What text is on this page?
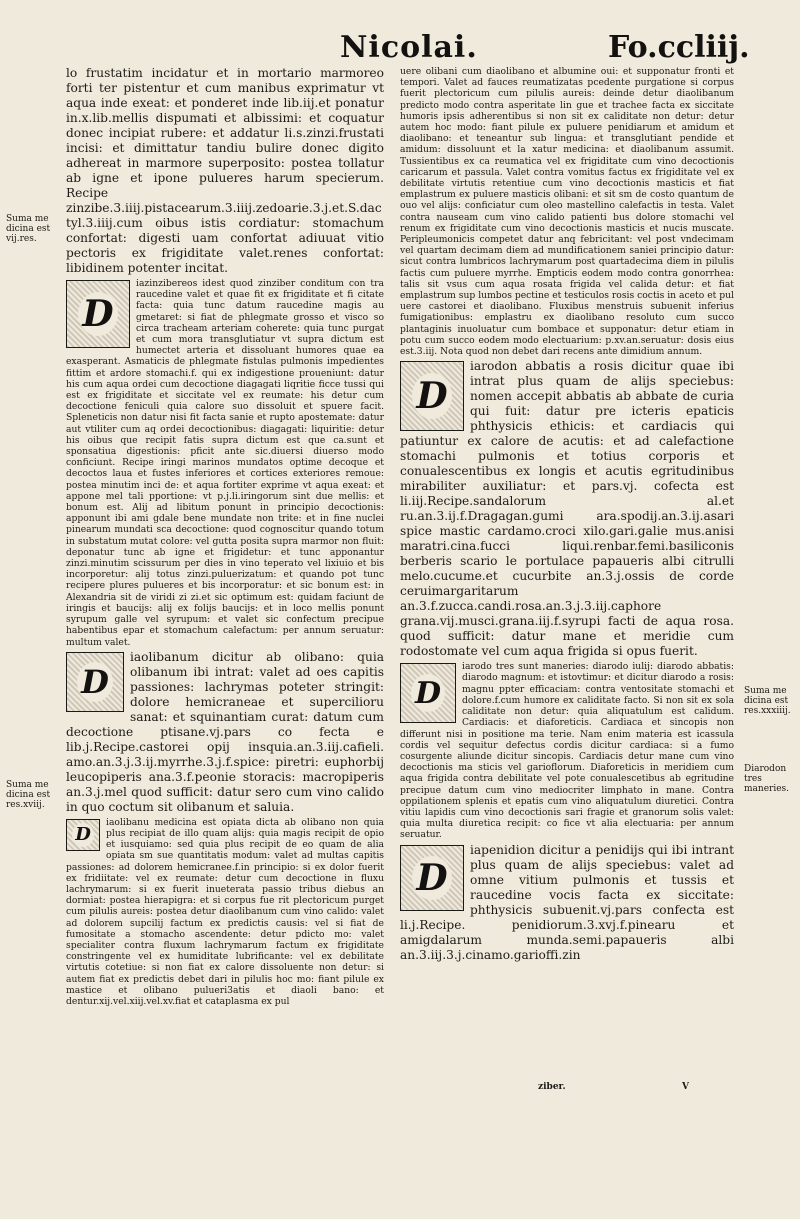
Nicolai.	Fo.ccliij.

lo frustatim incidatur et in mortario marmoreo forti ter pistentur et cum manibus exprimatur vt aqua inde exeat: et ponderet inde lib.iij.et ponatur in.x.lib.mellis dispumati et albissimi: et coquatur donec incipiat rubere: et addatur li.s.zinzi.frustati incisi: et dimittatur tandiu bulire donec digito adhereat in marmore superposito: postea tollatur ab igne et ipone pulueres harum specierum. Recipe zinzibe.3.iiij.pistacearum.3.iiij.zedoarie.3.j.et.S.dactyl.3.iiij.cum oibus istis cordiatur: stomachum confortat: digesti uam confortat adiuuat vitio pectoris ex frigiditate valet.renes confortat: libidinem potenter incitat.

D

iazinzibereos idest quod zinziber conditum con tra raucedine valet et quae fit ex frigiditate et fi citate facta: quia tunc datum raucedine magis au gmetaret: si fiat de phlegmate grosso et visco so circa tracheam arteriam coherete: quia tunc purgat et cum mora transglutiatur vt supra dictum est humectet arteria et dissoluant humores quae ea exasperant. Asmaticis de phlegmate fistulas pulmonis impedientes fittim et ardore stomachi.f. qui ex indigestione proueniunt: datur his cum aqua ordei cum decoctione diagagati liqritie ficce tussi qui est ex frigiditate et siccitate vel ex reumate: his detur cum decoctione feniculi quia calore suo dissoluit et spuere facit. Spleneticis non datur nisi fit facta sanie et rupto apostemate: datur aut vtiliter cum aq ordei decoctionibus: diagagati: liquiritie: detur his oibus que recipit fatis supra dictum est que ca.sunt et sponsatiua digestionis: pficit ante sic.diuersi diuerso modo conficiunt. Recipe iringi marinos mundatos optime decoque et decoctos laua et fustes inferiores et cortices exteriores remoue: postea minutim inci de: et aqua fortiter exprime vt aqua exeat: et appone mel tali pportione: vt p.j.li.iringorum sint due mellis: et bonum est. Alij ad libitum ponunt in principio decoctionis: apponunt ibi ami gdale bene mundate non trite: et in fine nuclei pinearum mundati sca decoctione: quod cognoscitur quando totum in substatum mutat colore: vel gutta posita supra marmor non fluit: deponatur tunc ab igne et frigidetur: et tunc apponantur zinzi.minutim scissurum per dies in vino teperato vel lixiuio et bis incorporetur: alij totus zinzi.puluerizatum: et quando pot tunc recipere plures pulueres et bis incorporatur: et sic bonum est: in Alexandria sit de viridi zi zi.et sic optimum est: quidam faciunt de iringis et baucijs: alij ex folijs baucijs: et in loco mellis ponunt syrupum galle vel syrupum: et valet sic confectum precipue habentibus epar et stomachum calefactum: per annum seruatur: multum valet.

D

iaolibanum dicitur ab olibano: quia olibanum ibi intrat: valet ad oes capitis passiones: lachrymas poteter stringit: dolore hemicraneae et supercilioru sanat: et squinantiam curat: datum cum decoctione ptisane.vj.pars co fecta e lib.j.Recipe.castorei opij insquia.an.3.iij.cafieli. amo.an.3.j.3.ij.myrrhe.3.j.f.spice: piretri: euphorbij leucopiperis ana.3.f.peonie storacis: macropiperis an.3.j.mel quod sufficit: datur sero cum vino calido in quo coctum sit olibanum et saluia.

D

iaolibanu medicina est opiata dicta ab olibano non quia plus recipiat de illo quam alijs: quia magis recipit de opio et iusquiamo: sed quia plus recipit de eo quam de alia opiata sm sue quantitatis modum: valet ad multas capitis passiones: ad dolorem hemicranee.f.in principio: si ex dolor fuerit ex fridiitate: vel ex reumate: detur cum decoctione in fluxu lachrymarum: si ex fuerit inueterata passio tribus diebus an dormiat: postea hierapigra: et si corpus fue rit plectoricum purget cum pilulis aureis: postea detur diaolibanum cum vino calido: valet ad dolorem supcilij factum ex predictis causis: vel si fiat de fumositate a stomacho ascendente: detur pdicto mo: valet specialiter contra fluxum lachrymarum factum ex frigiditate constringente vel ex humiditate lubrificante: vel ex debilitate virtutis cotetiue: si non fiat ex calore dissoluente non detur: si autem fiat ex predictis debet dari in pilulis hoc mo: fiant pilule ex mastice et olibano pulueri3atis et diaoli bano: et dentur.xij.vel.xiij.vel.xv.fiat et cataplasma ex pul

uere olibani cum diaolibano et albumine oui: et supponatur fronti et tempori. Valet ad fauces reumatizatas pcedente purgatione si corpus fuerit plectoricum cum pilulis aureis: deinde detur diaolibanum predicto modo contra asperitate lin gue et trachee facta ex siccitate humoris ipsis adherentibus si non sit ex caliditate non detur: detur autem hoc modo: fiant pilule ex puluere penidiarum et amidum et diaolibano: et teneantur sub lingua: et transglutiant pendide et amidum: dissoluunt et la xatur medicina: et diaolibanum assumit. Tussientibus ex ca reumatica vel ex frigiditate cum vino decoctionis caricarum et passula. Valet contra vomitus factus ex frigiditate vel ex debilitate virtutis retentiue cum vino decoctionis masticis et fiat emplastrum ex puluere masticis olibani: et sit sm de costo quantum de ouo vel alijs: conficiatur cum oleo mastellino calefactis in testa. Valet contra nauseam cum vino calido patienti bus dolore stomachi vel renum ex frigiditate cum vino decoctionis masticis et nucis muscate. Peripleumonicis competet datur anq febricitant: vel post vndecimam vel quartam decimam diem ad mundificationem saniei principio datur: sicut contra lumbricos lachrymarum post quartadecima diem in pilulis factis cum puluere myrrhe. Empticis eodem modo contra gonorrhea: talis sit vsus cum aqua rosata frigida vel calida detur: et fiat emplastrum sup lumbos pectine et testiculos rosis coctis in aceto et pul uere castorei et diaolibano. Fluxibus menstruis subuenit inferius fumigationibus: emplastru ex diaolibano resoluto cum succo plantaginis inuoluatur cum bombace et supponatur: detur etiam in potu cum succo eodem modo electuarium: p.xv.an.seruatur: dosis eius est.3.iij. Nota quod non debet dari recens ante dimidium annum.

D

iarodon abbatis a rosis dicitur quae ibi intrat plus quam de alijs speciebus: nomen accepit abbatis ab abbate de curia qui fuit: datur pre icteris epaticis phthysicis ethicis: et cardiacis qui patiuntur ex calore de acutis: et ad calefactione stomachi pulmonis et totius corporis et conualescentibus ex longis et acutis egritudinibus mirabiliter auxiliatur: et pars.vj. cofecta est li.iij.Recipe.sandalorum al.et ru.an.3.ij.f.Dragagan.gumi ara.spodij.an.3.ij.asari spice mastic cardamo.croci xilo.gari.galie mus.anisi maratri.cina.fucci liqui.renbar.femi.basiliconis berberis scario le portulace papaueris albi citrulli melo.cucume.et cucurbite an.3.j.ossis de corde ceruimargaritarum an.3.f.zucca.candi.rosa.an.3.j.3.iij.caphore grana.vij.musci.grana.iij.f.syrupi facti de aqua rosa. quod sufficit: datur mane et meridie cum rodostomate vel cum aqua frigida si opus fuerit.

D

iarodo tres sunt maneries: diarodo iulij: diarodo abbatis: diarodo magnum: et istovtimur: et dicitur diarodo a rosis: magnu ppter efficaciam: contra ventositate stomachi et dolore.f.cum humore ex caliditate facto. Si non sit ex sola caliditate non detur: quia aliquatulum est calidum. Cardiacis: et diaforeticis. Cardiaca et sincopis non differunt nisi in positione ma terie. Nam enim materia est icassula cordis vel sequitur defectus cordis dicitur cardiaca: si a fumo cosurgente aliunde dicitur sincopis. Cardiacis detur mane cum vino decoctionis ma sticis vel garioflorum. Diaforeticis in meridiem cum aqua frigida contra debilitate vel pote conualescetibus ab egritudine precipue datum cum vino mediocriter limphato in mane. Contra oppilationem splenis et epatis cum vino aliquatulum diuretici. Contra vitiu lapidis cum vino decoctionis sari fragie et granorum solis valet: quia multa diuretica recipit: co fice vt alia electuaria: per annum seruatur.

D

iapenidion dicitur a penidijs qui ibi intrant plus quam de alijs speciebus: valet ad omne vitium pulmonis et tussis et raucedine vocis facta ex siccitate: phthysicis subuenit.vj.pars confecta est li.j.Recipe. penidiorum.3.xvj.f.pinearu et amigdalarum munda.semi.papaueris albi an.3.iij.3.j.cinamo.garioffi.zin

Suma me dicina est vij.res.
Suma me dicina est res.xviij.
Suma me dicina est res.xxxiiij.
Diarodon tres maneries.
ziber.	V
